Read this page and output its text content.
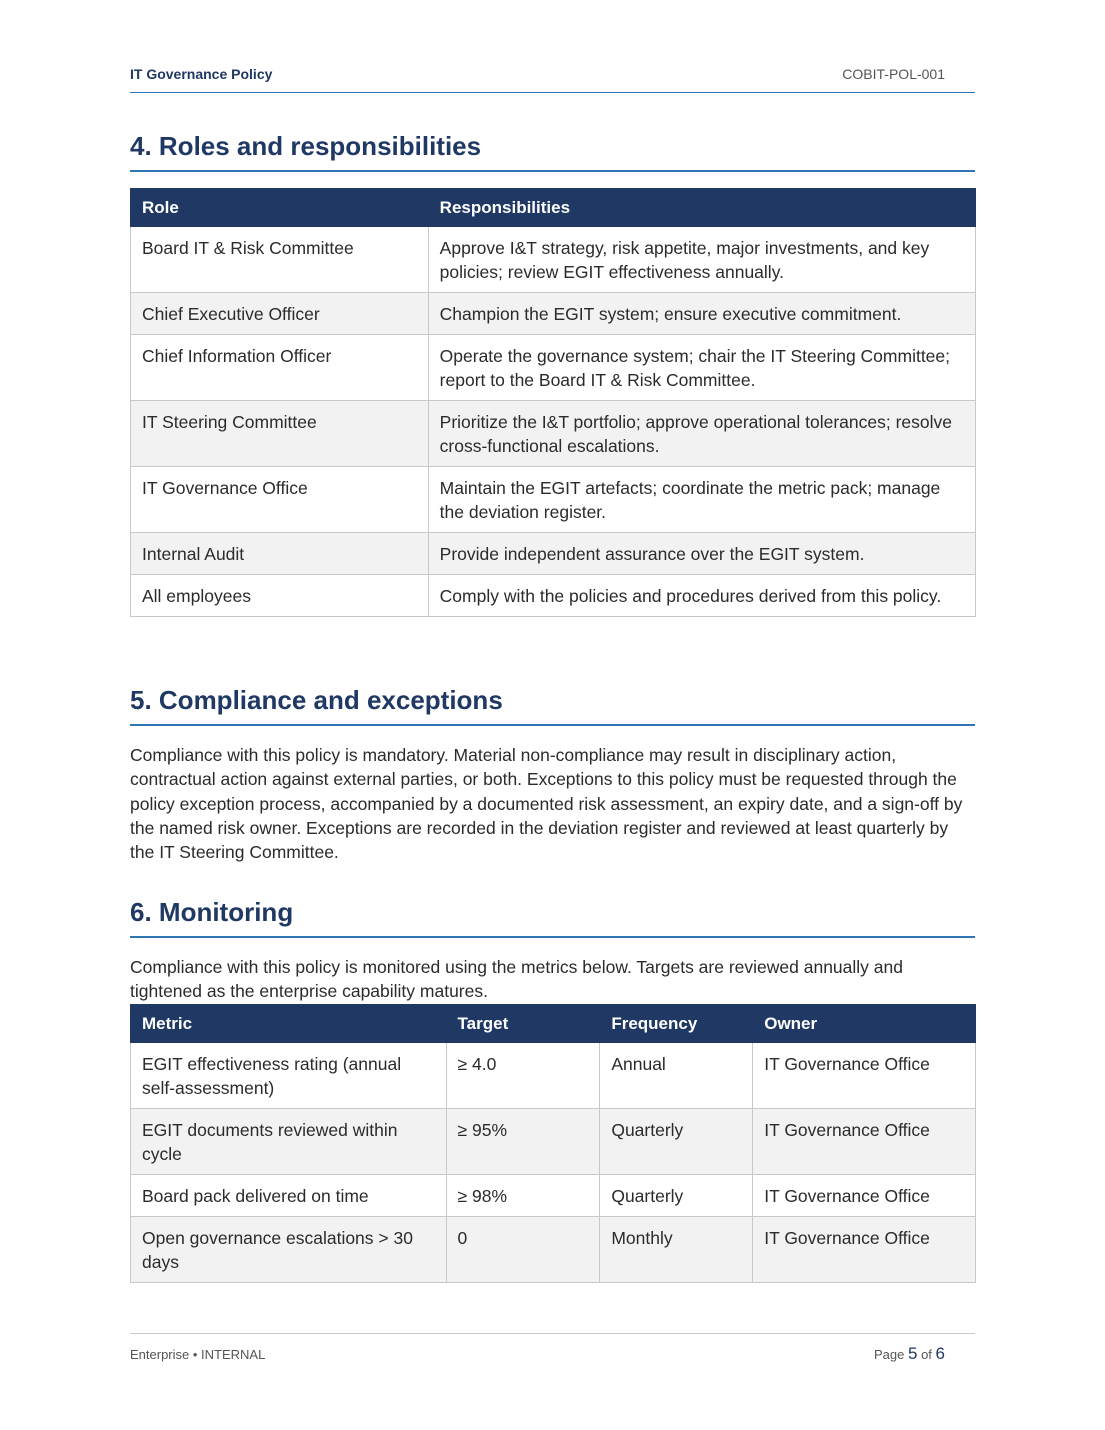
IT Governance Policy	COBIT-POL-001
4. Roles and responsibilities
Role	Responsibilities
Board IT & Risk Committee	Approve I&T strategy, risk appetite, major investments, and key policies; review EGIT effectiveness annually.
Chief Executive Officer	Champion the EGIT system; ensure executive commitment.
Chief Information Officer	Operate the governance system; chair the IT Steering Committee; report to the Board IT & Risk Committee.
IT Steering Committee	Prioritize the I&T portfolio; approve operational tolerances; resolve cross-functional escalations.
IT Governance Office	Maintain the EGIT artefacts; coordinate the metric pack; manage the deviation register.
Internal Audit	Provide independent assurance over the EGIT system.
All employees	Comply with the policies and procedures derived from this policy.
5. Compliance and exceptions

Compliance with this policy is mandatory. Material non-compliance may result in disciplinary action, contractual action against external parties, or both. Exceptions to this policy must be requested through the policy exception process, accompanied by a documented risk assessment, an expiry date, and a sign-off by the named risk owner. Exceptions are recorded in the deviation register and reviewed at least quarterly by the IT Steering Committee.

6. Monitoring

Compliance with this policy is monitored using the metrics below. Targets are reviewed annually and tightened as the enterprise capability matures.

Metric	Target	Frequency	Owner
EGIT effectiveness rating (annual self-assessment)	≥ 4.0	Annual	IT Governance Office
EGIT documents reviewed within cycle	≥ 95%	Quarterly	IT Governance Office
Board pack delivered on time	≥ 98%	Quarterly	IT Governance Office
Open governance escalations > 30 days	0	Monthly	IT Governance Office
Enterprise • INTERNAL	Page 5 of 6
